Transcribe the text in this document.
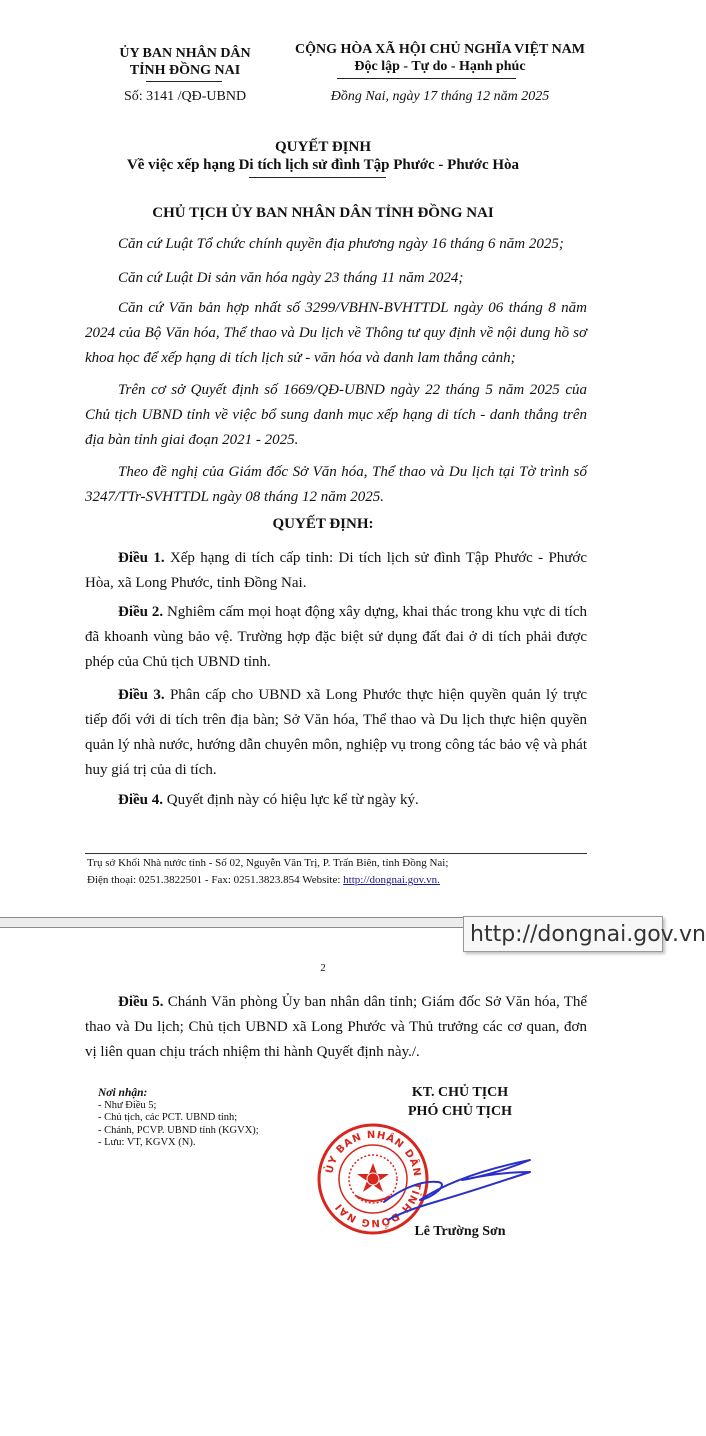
ỦY BAN NHÂN DÂN
TỈNH ĐỒNG NAI
Số: 3141 /QĐ-UBND
CỘNG HÒA XÃ HỘI CHỦ NGHĨA VIỆT NAM
Độc lập - Tự do - Hạnh phúc
Đồng Nai, ngày 17 tháng 12 năm 2025
QUYẾT ĐỊNH
Về việc xếp hạng Di tích lịch sử đình Tập Phước - Phước Hòa
CHỦ TỊCH ỦY BAN NHÂN DÂN TỈNH ĐỒNG NAI
Căn cứ Luật Tổ chức chính quyền địa phương ngày 16 tháng 6 năm 2025;
Căn cứ Luật Di sản văn hóa ngày 23 tháng 11 năm 2024;
Căn cứ Văn bản hợp nhất số 3299/VBHN-BVHTTDL ngày 06 tháng 8 năm 2024 của Bộ Văn hóa, Thể thao và Du lịch về Thông tư quy định về nội dung hồ sơ khoa học để xếp hạng di tích lịch sử - văn hóa và danh lam thắng cảnh;
Trên cơ sở Quyết định số 1669/QĐ-UBND ngày 22 tháng 5 năm 2025 của Chủ tịch UBND tỉnh về việc bổ sung danh mục xếp hạng di tích - danh thắng trên địa bàn tỉnh giai đoạn 2021 - 2025.
Theo đề nghị của Giám đốc Sở Văn hóa, Thể thao và Du lịch tại Tờ trình số 3247/TTr-SVHTTDL ngày 08 tháng 12 năm 2025.
QUYẾT ĐỊNH:
Điều 1. Xếp hạng di tích cấp tỉnh: Di tích lịch sử đình Tập Phước - Phước Hòa, xã Long Phước, tỉnh Đồng Nai.
Điều 2. Nghiêm cấm mọi hoạt động xây dựng, khai thác trong khu vực di tích đã khoanh vùng bảo vệ. Trường hợp đặc biệt sử dụng đất đai ở di tích phải được phép của Chủ tịch UBND tỉnh.
Điều 3. Phân cấp cho UBND xã Long Phước thực hiện quyền quản lý trực tiếp đối với di tích trên địa bàn; Sở Văn hóa, Thể thao và Du lịch thực hiện quyền quản lý nhà nước, hướng dẫn chuyên môn, nghiệp vụ trong công tác bảo vệ và phát huy giá trị của di tích.
Điều 4. Quyết định này có hiệu lực kể từ ngày ký.
Trụ sở Khối Nhà nước tỉnh - Số 02, Nguyễn Văn Trị, P. Trấn Biên, tỉnh Đồng Nai;
Điện thoại: 0251.3822501 - Fax: 0251.3823.854 Website: http://dongnai.gov.vn.
http://dongnai.gov.vn
2
Điều 5. Chánh Văn phòng Ủy ban nhân dân tỉnh; Giám đốc Sở Văn hóa, Thể thao và Du lịch; Chủ tịch UBND xã Long Phước và Thủ trưởng các cơ quan, đơn vị liên quan chịu trách nhiệm thi hành Quyết định này./.
Nơi nhận:
- Như Điều 5;
- Chủ tịch, các PCT. UBND tỉnh;
- Chánh, PCVP. UBND tỉnh (KGVX);
- Lưu: VT, KGVX (N).
KT. CHỦ TỊCH
PHÓ CHỦ TỊCH
ỦY BAN NHÂN DÂN TỈNH ĐỒNG NAI
Lê Trường Sơn
